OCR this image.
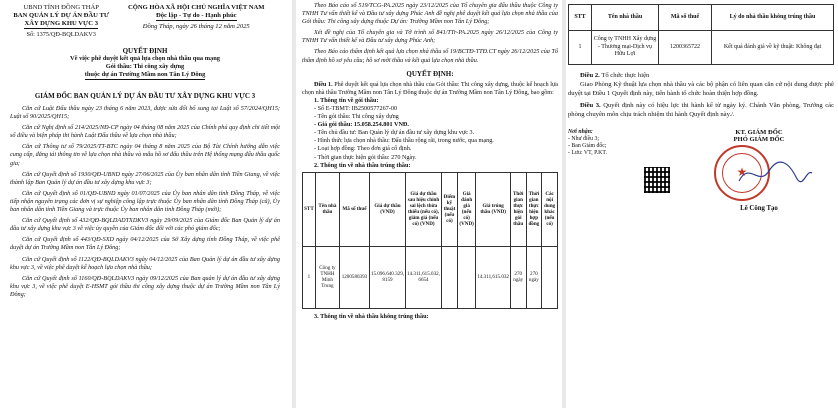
UBND TỈNH ĐỒNG THÁP
BAN QUẢN LÝ DỰ ÁN ĐẦU TƯ
XÂY DỰNG KHU VỰC 3
Số: 1375/QĐ-BQLDAKV3
CỘNG HÒA XÃ HỘI CHỦ NGHĨA VIỆT NAM
Độc lập - Tự do - Hạnh phúc
Đồng Tháp, ngày 26 tháng 12 năm 2025
QUYẾT ĐỊNH
Về việc phê duyệt kết quả lựa chọn nhà thầu qua mạng
Gói thầu: Thi công xây dựng
thuộc dự án Trường Mầm non Tân Lý Đông
GIÁM ĐỐC BAN QUẢN LÝ DỰ ÁN ĐẦU TƯ XÂY DỰNG KHU VỰC 3

Căn cứ Luật Đấu thầu ngày 23 tháng 6 năm 2023, được sửa đổi bổ sung tại Luật số 57/2024/QH15; Luật số 90/2025/QH15;

Căn cứ Nghị định số 214/2025/NĐ-CP ngày 04 tháng 08 năm 2025 của Chính phủ quy định chi tiết một số điều và biện pháp thi hành Luật Đấu thầu về lựa chọn nhà thầu;

Căn cứ Thông tư số 79/2025/TT-BTC ngày 04 tháng 8 năm 2025 của Bộ Tài Chính hướng dẫn việc cung cấp, đăng tải thông tin về lựa chọn nhà thầu và mẫu hồ sơ đấu thầu trên Hệ thống mạng đấu thầu quốc gia;

Căn cứ Quyết định số 1930/QĐ-UBND ngày 27/06/2025 của Ủy ban nhân dân tỉnh Tiền Giang, về việc thành lập Ban Quản lý dự án đầu tư xây dựng khu vực 3;

Căn cứ Quyết định số 01/QĐ-UBND ngày 01/07/2025 của Ủy ban nhân dân tỉnh Đồng Tháp, về việc tiếp nhận nguyên trạng các đơn vị sự nghiệp công lập trực thuộc Ủy ban nhân dân tỉnh Đồng Tháp (cũ), Ủy ban nhân dân tỉnh Tiền Giang và trực thuộc Ủy ban nhân dân tỉnh Đồng Tháp (mới);

Căn cứ Quyết định số 432/QĐ-BQLDADTXDKV3 ngày 29/09/2025 của Giám đốc Ban Quản lý dự án đầu tư xây dựng khu vực 3 về việc ủy quyền của Giám đốc đối với các phó giám đốc;

Căn cứ Quyết định số 443/QĐ-SXD ngày 04/12/2025 của Sở Xây dựng tỉnh Đồng Tháp, về việc phê duyệt dự án Trường Mầm non Tân Lý Đông;

Căn cứ Quyết định số 1122/QĐ-BQLDAKV3 ngày 04/12/2025 của Ban Quản lý dự án đầu tư xây dựng khu vực 3, về việc phê duyệt kế hoạch lựa chọn nhà thầu;

Căn cứ Quyết định số 1160/QĐ-BQLDAKV3 ngày 09/12/2025 của Ban quản lý dự án đầu tư xây dựng khu vực 3, về việc phê duyệt E-HSMT gói thầu thi công xây dựng thuộc dự án Trường Mầm non Tân Lý Đông;

Theo Báo cáo số 519/TCG-PA.2025 ngày 23/12/2025 của Tổ chuyên gia đấu thầu thuộc Công ty TNHH Tư vấn thiết kế và Đầu tư xây dựng Phúc Anh đề nghị phê duyệt kết quả lựa chọn nhà thầu của Gói thầu: Thi công xây dựng thuộc Dự án: Trường Mầm non Tân Lý Đông;

Xét đề nghị của Tổ chuyên gia và Tờ trình số 841/TTr-PA.2025 ngày 26/12/2025 của Công ty TNHH Tư vấn thiết kế và Đầu tư xây dựng Phúc Anh;

Theo Báo cáo thẩm định kết quả lựa chọn nhà thầu số 19/BCTĐ-TTĐ.CT ngày 26/12/2025 của Tổ thẩm định hồ sơ yêu cầu; hồ sơ mời thầu và kết quả lựa chọn nhà thầu.

QUYẾT ĐỊNH:

Điều 1. Phê duyệt kết quả lựa chọn nhà thầu của Gói thầu: Thi công xây dựng, thuộc kế hoạch lựa chọn nhà thầu Trường Mầm non Tân Lý Đông thuộc dự án Trường Mầm non Tân Lý Đông, bao gồm:

1. Thông tin về gói thầu:
- Số E-TBMT: IB2500577267-00
- Tên gói thầu: Thi công xây dựng
- Giá gói thầu: 15.058.254.801 VNĐ.
- Tên chủ đầu tư: Ban Quản lý dự án đầu tư xây dựng khu vực 3.
- Hình thức lựa chọn nhà thầu: Đấu thầu rộng rãi, trong nước, qua mạng.
- Loại hợp đồng: Theo đơn giá cố định.
- Thời gian thực hiện gói thầu: 270 Ngày.
2. Thông tin về nhà thầu trúng thầu:
STT	Tên nhà thầu	Mã số thuế	Giá dự thầu (VND)	Giá dự thầu sau hiệu chỉnh sai lệch thừa thiếu (nếu có), giảm giá (nếu có) (VND)	Điểm kỹ thuật (nếu có)	Giá đánh giá (nếu có) (VND)	Giá trúng thầu (VND)	Thời gian thực hiện gói thầu	Thời gian thực hiện hợp đồng	Các nội dung khác (nếu có)
1	Công ty TNHH Minh Trung	1200580393	15.096.640.329, 8159	14.311,615.032, 6654			14.311,615.032	270 ngày	270 ngày	
3. Thông tin về nhà thầu không trúng thầu:
STT	Tên nhà thầu	Mã số thuế	Lý do nhà thầu không trúng thầu
1	Công ty TNHH Xây dựng - Thương mại-Dịch vụ Hữu Lợi	1200365722	Kết quả đánh giá về kỹ thuật: Không đạt

Điều 2. Tổ chức thực hiện

Giao Phòng Kỹ thuật lựa chọn nhà thầu và các bộ phận có liên quan căn cứ nội dung được phê duyệt tại Điều 1 Quyết định này, tiến hành tổ chức hoàn thiện hợp đồng.

Điều 3. Quyết định này có hiệu lực thi hành kể từ ngày ký. Chánh Văn phòng, Trưởng các phòng chuyên môn chịu trách nhiệm thi hành Quyết định này./.

Nơi nhận:
- Như điều 3;
- Ban Giám đốc;
- Lưu: VT, P.KT.
KT. GIÁM ĐỐC
PHÓ GIÁM ĐỐC
★
Lê Công Tạo
